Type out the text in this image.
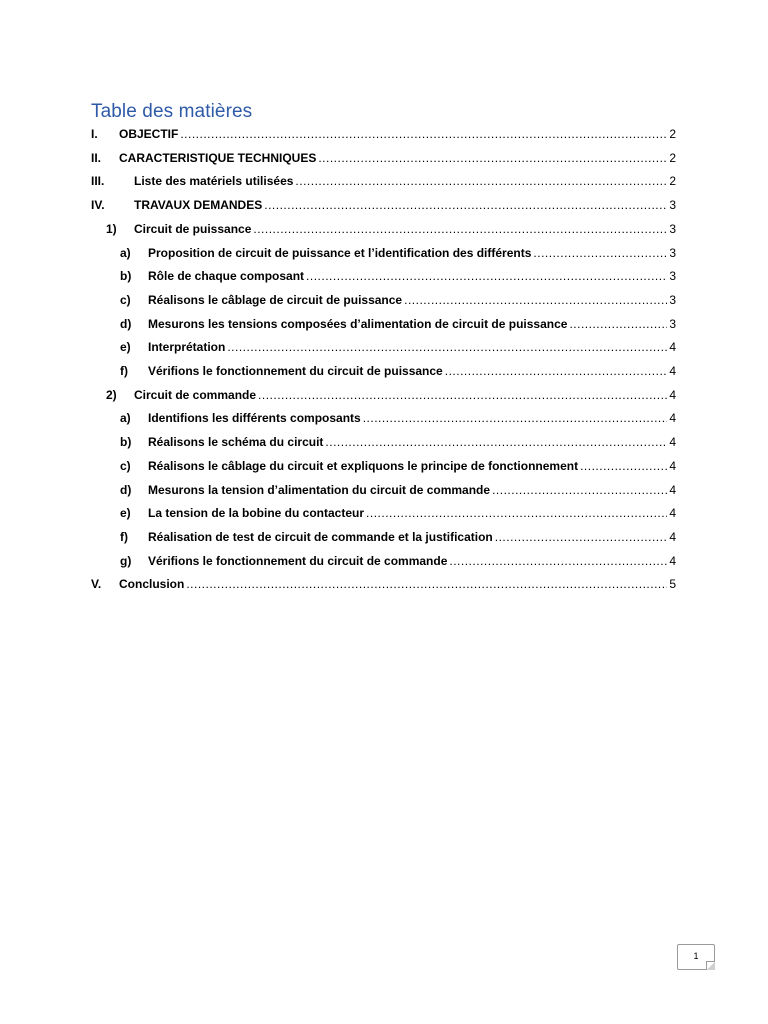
Table des matières
I. OBJECTIF .....	2
II. CARACTERISTIQUE TECHNIQUES .....	2
III. Liste des matériels utilisées .....	2
IV. TRAVAUX DEMANDES .....	3
1) Circuit de puissance .....	3
a) Proposition de circuit de puissance et l’identification des différents .....	3
b) Rôle de chaque composant .....	3
c) Réalisons le câblage de circuit de puissance .....	3
d) Mesurons les tensions composées d’alimentation de circuit de puissance .....	3
e) Interprétation .....	4
f) Vérifions le fonctionnement du circuit de puissance .....	4
2) Circuit de commande .....	4
a) Identifions les différents composants .....	4
b) Réalisons le schéma du circuit .....	4
c) Réalisons le câblage du circuit et expliquons le principe de fonctionnement .....	4
d) Mesurons la tension d’alimentation du circuit de commande .....	4
e) La tension de la bobine du contacteur .....	4
f) Réalisation de test de circuit de commande et la justification .....	4
g) Vérifions le fonctionnement du circuit de commande .....	4
V. Conclusion .....	5
1
